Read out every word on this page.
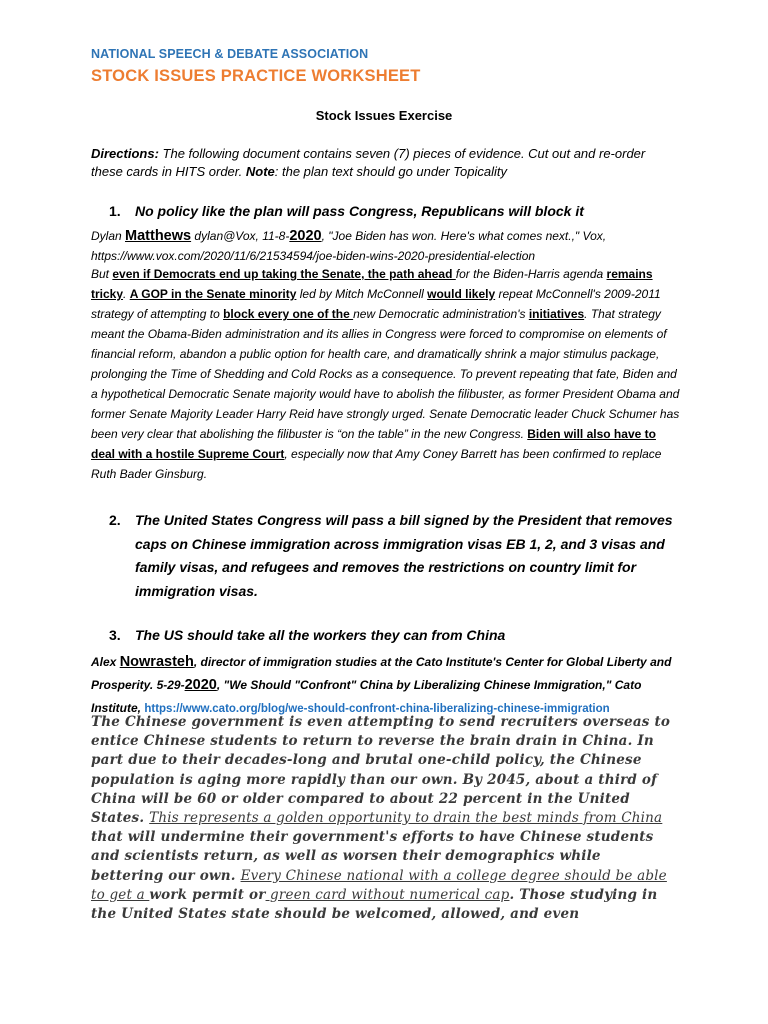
NATIONAL SPEECH & DEBATE ASSOCIATION
STOCK ISSUES PRACTICE WORKSHEET
Stock Issues Exercise
Directions: The following document contains seven (7) pieces of evidence. Cut out and re-order these cards in HITS order. Note: the plan text should go under Topicality
1. No policy like the plan will pass Congress, Republicans will block it
Dylan Matthews dylan@Vox, 11-8-2020, "Joe Biden has won. Here's what comes next.," Vox,
https://www.vox.com/2020/11/6/21534594/joe-biden-wins-2020-presidential-election
But even if Democrats end up taking the Senate, the path ahead for the Biden-Harris agenda remains tricky. A GOP in the Senate minority led by Mitch McConnell would likely repeat McConnell's 2009-2011 strategy of attempting to block every one of the new Democratic administration's initiatives. That strategy meant the Obama-Biden administration and its allies in Congress were forced to compromise on elements of financial reform, abandon a public option for health care, and dramatically shrink a major stimulus package, prolonging the Time of Shedding and Cold Rocks as a consequence. To prevent repeating that fate, Biden and a hypothetical Democratic Senate majority would have to abolish the filibuster, as former President Obama and former Senate Majority Leader Harry Reid have strongly urged. Senate Democratic leader Chuck Schumer has been very clear that abolishing the filibuster is “on the table” in the new Congress. Biden will also have to deal with a hostile Supreme Court, especially now that Amy Coney Barrett has been confirmed to replace Ruth Bader Ginsburg.
2. The United States Congress will pass a bill signed by the President that removes caps on Chinese immigration across immigration visas EB 1, 2, and 3 visas and family visas, and refugees and removes the restrictions on country limit for immigration visas.
3. The US should take all the workers they can from China
Alex Nowrasteh, director of immigration studies at the Cato Institute's Center for Global Liberty and Prosperity. 5-29-2020, "We Should "Confront" China by Liberalizing Chinese Immigration," Cato Institute, https://www.cato.org/blog/we-should-confront-china-liberalizing-chinese-immigration
The Chinese government is even attempting to send recruiters overseas to entice Chinese students to return to reverse the brain drain in China. In part due to their decades-long and brutal one-child policy, the Chinese population is aging more rapidly than our own. By 2045, about a third of China will be 60 or older compared to about 22 percent in the United States. This represents a golden opportunity to drain the best minds from China that will undermine their government's efforts to have Chinese students and scientists return, as well as worsen their demographics while bettering our own. Every Chinese national with a college degree should be able to get a work permit or green card without numerical cap. Those studying in the United States state should be welcomed, allowed, and even
